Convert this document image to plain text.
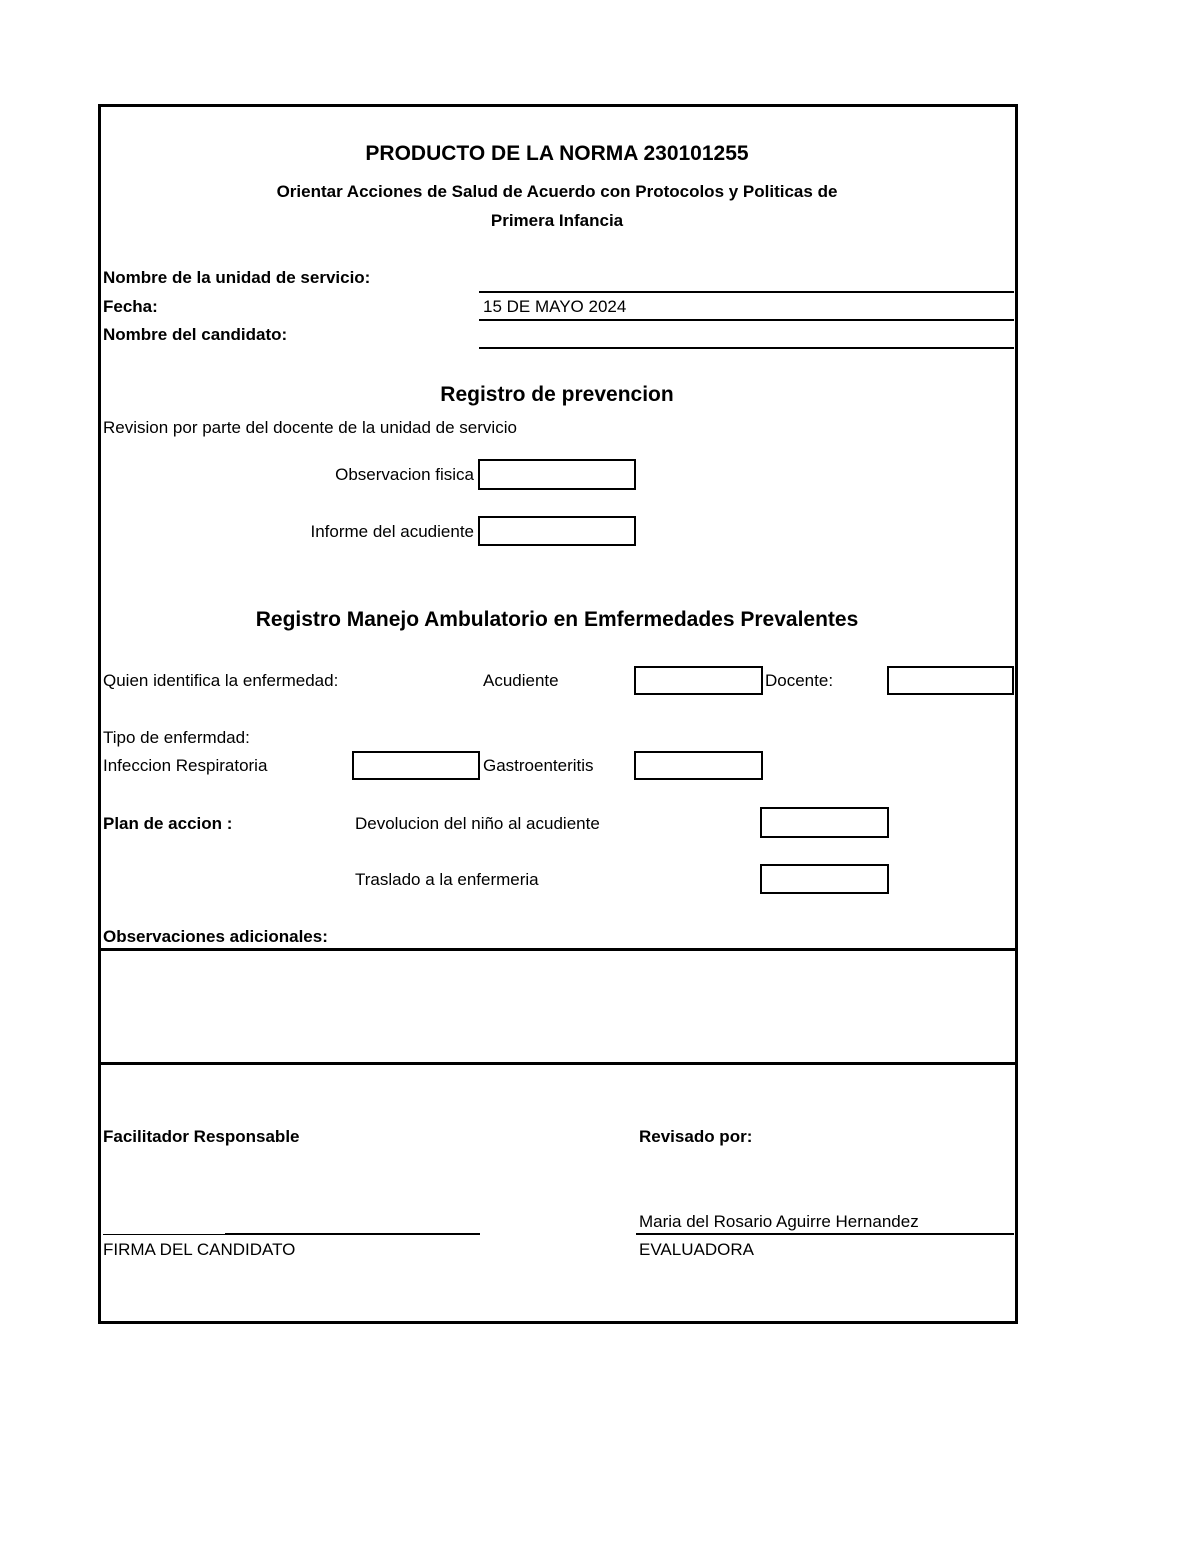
PRODUCTO DE LA NORMA 230101255
Orientar Acciones de Salud de Acuerdo con Protocolos y Politicas de
Primera Infancia
Nombre de la unidad de servicio:
Fecha:	15 DE MAYO 2024
Nombre del candidato:
Registro de prevencion
Revision por parte del docente de la unidad de servicio
Observacion fisica
Informe del acudiente
Registro Manejo Ambulatorio en Emfermedades Prevalentes
Quien identifica la enfermedad:	Acudiente	Docente:
Tipo de enfermdad:
Infeccion Respiratoria	Gastroenteritis
Plan de accion :	Devolucion del niño al acudiente
Traslado a la enfermeria
Observaciones adicionales:
Facilitador Responsable	Revisado por:
Maria del Rosario Aguirre Hernandez
FIRMA DEL CANDIDATO	EVALUADORA
